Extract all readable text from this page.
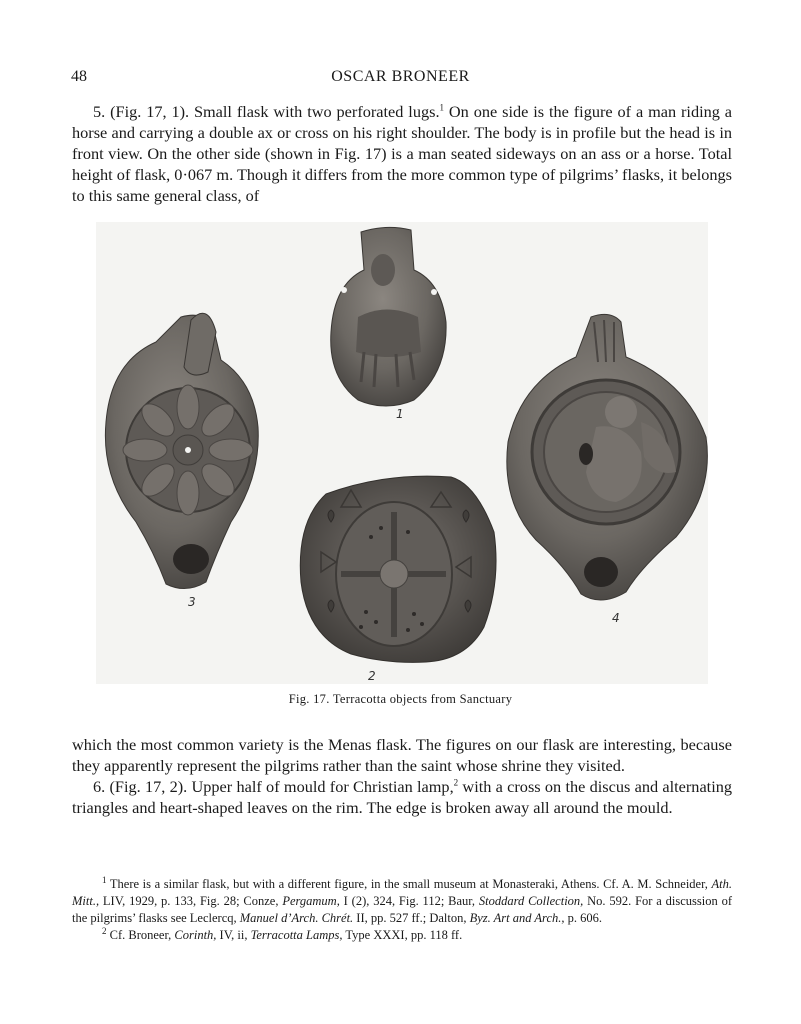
48	OSCAR BRONEER

5. (Fig. 17, 1). Small flask with two perforated lugs.$^1$ On one side is the figure of a man riding a horse and carrying a double ax or cross on his right shoulder. The body is in profile but the head is in front view. On the other side (shown in Fig. 17) is a man seated sideways on an ass or a horse. Total height of flask, 0·067 m. Though it differs from the more common type of pilgrims’ flasks, it belongs to this same general class, of

1
2
3
4
Fig. 17. Terracotta objects from Sanctuary

which the most common variety is the Menas flask. The figures on our flask are interesting, because they apparently represent the pilgrims rather than the saint whose shrine they visited.

6. (Fig. 17, 2). Upper half of mould for Christian lamp,$^2$ with a cross on the discus and alternating triangles and heart-shaped leaves on the rim. The edge is broken away all around the mould.

$^1$ There is a similar flask, but with a different figure, in the small museum at Monasteraki, Athens. Cf. A. M. Schneider, Ath. Mitt., LIV, 1929, p. 133, Fig. 28; Conze, Pergamum, I (2), 324, Fig. 112; Baur, Stoddard Collection, No. 592. For a discussion of the pilgrims’ flasks see Leclercq, Manuel d’Arch. Chrét. II, pp. 527 ff.; Dalton, Byz. Art and Arch., p. 606.

$^2$ Cf. Broneer, Corinth, IV, ii, Terracotta Lamps, Type XXXI, pp. 118 ff.
